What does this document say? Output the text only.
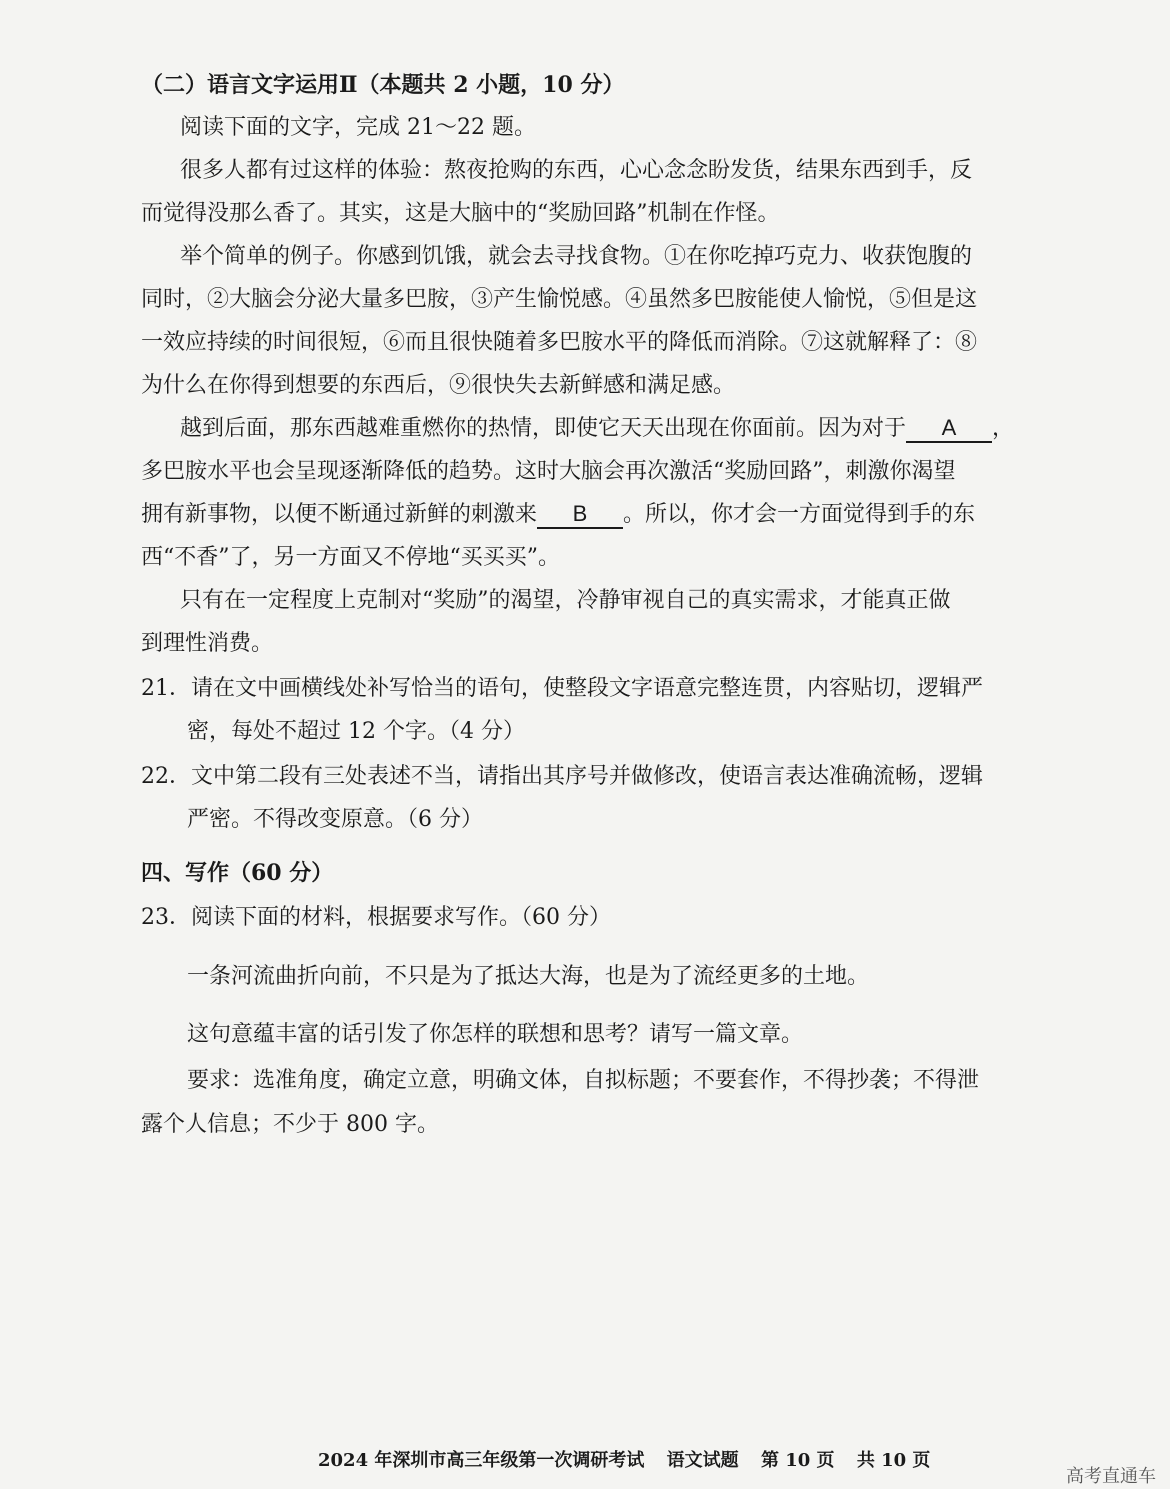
（二）语言文字运用Ⅱ（本题共 2 小题，10 分）
阅读下面的文字，完成 21～22 题。
很多人都有过这样的体验：熬夜抢购的东西，心心念念盼发货，结果东西到手，反
而觉得没那么香了。其实，这是大脑中的“奖励回路”机制在作怪。
举个简单的例子。你感到饥饿，就会去寻找食物。①在你吃掉巧克力、收获饱腹的
同时，②大脑会分泌大量多巴胺，③产生愉悦感。④虽然多巴胺能使人愉悦，⑤但是这
一效应持续的时间很短，⑥而且很快随着多巴胺水平的降低而消除。⑦这就解释了：⑧
为什么在你得到想要的东西后，⑨很快失去新鲜感和满足感。
越到后面，那东西越难重燃你的热情，即使它天天出现在你面前。因为对于 A ，
多巴胺水平也会呈现逐渐降低的趋势。这时大脑会再次激活“奖励回路”，刺激你渴望
拥有新事物，以便不断通过新鲜的刺激来 B 。所以，你才会一方面觉得到手的东
西“不香”了，另一方面又不停地“买买买”。
只有在一定程度上克制对“奖励”的渴望，冷静审视自己的真实需求，才能真正做
到理性消费。
21．请在文中画横线处补写恰当的语句，使整段文字语意完整连贯，内容贴切，逻辑严
密，每处不超过 12 个字。（4 分）
22．文中第二段有三处表述不当，请指出其序号并做修改，使语言表达准确流畅，逻辑
严密。不得改变原意。（6 分）
四、写作（60 分）
23．阅读下面的材料，根据要求写作。（60 分）
一条河流曲折向前，不只是为了抵达大海，也是为了流经更多的土地。
这句意蕴丰富的话引发了你怎样的联想和思考？请写一篇文章。
要求：选准角度，确定立意，明确文体，自拟标题；不要套作，不得抄袭；不得泄
露个人信息；不少于 800 字。
2024 年深圳市高三年级第一次调研考试 语文试题 第 10 页 共 10 页
高考直通车
